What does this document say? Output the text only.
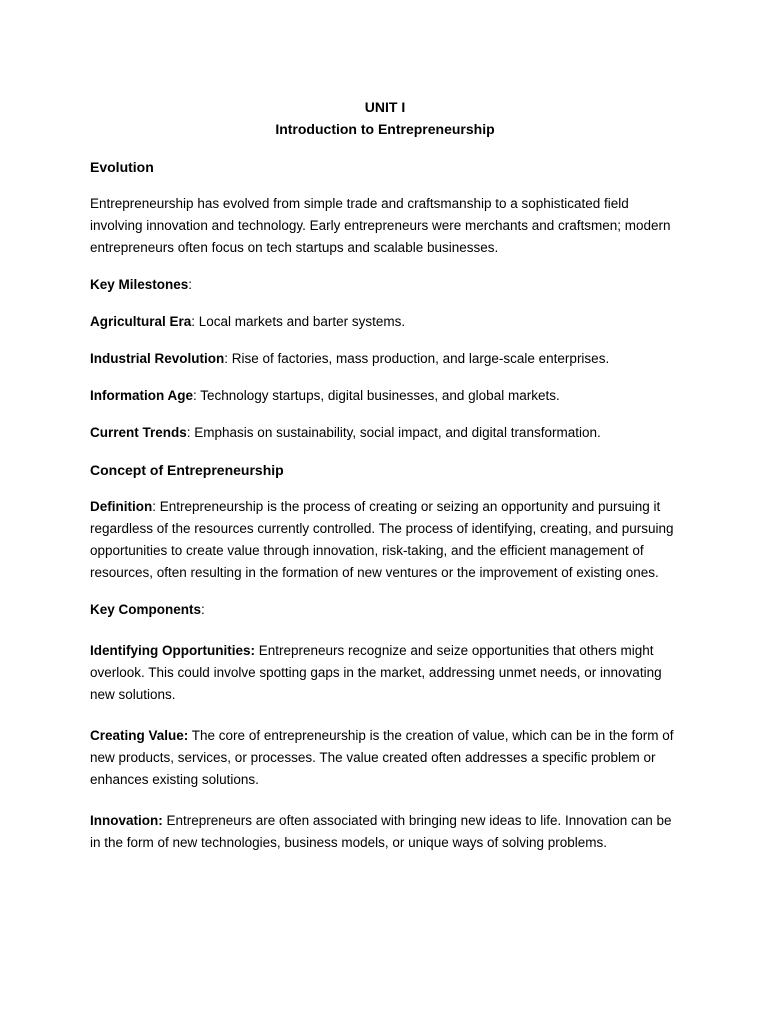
UNIT I
Introduction to Entrepreneurship
Evolution

Entrepreneurship has evolved from simple trade and craftsmanship to a sophisticated field involving innovation and technology. Early entrepreneurs were merchants and craftsmen; modern entrepreneurs often focus on tech startups and scalable businesses.

Key Milestones:

Agricultural Era: Local markets and barter systems.

Industrial Revolution: Rise of factories, mass production, and large-scale enterprises.

Information Age: Technology startups, digital businesses, and global markets.

Current Trends: Emphasis on sustainability, social impact, and digital transformation.

Concept of Entrepreneurship

Definition: Entrepreneurship is the process of creating or seizing an opportunity and pursuing it regardless of the resources currently controlled. The process of identifying, creating, and pursuing opportunities to create value through innovation, risk-taking, and the efficient management of resources, often resulting in the formation of new ventures or the improvement of existing ones.

Key Components:

Identifying Opportunities: Entrepreneurs recognize and seize opportunities that others might overlook. This could involve spotting gaps in the market, addressing unmet needs, or innovating new solutions.

Creating Value: The core of entrepreneurship is the creation of value, which can be in the form of new products, services, or processes. The value created often addresses a specific problem or enhances existing solutions.

Innovation: Entrepreneurs are often associated with bringing new ideas to life. Innovation can be in the form of new technologies, business models, or unique ways of solving problems.
